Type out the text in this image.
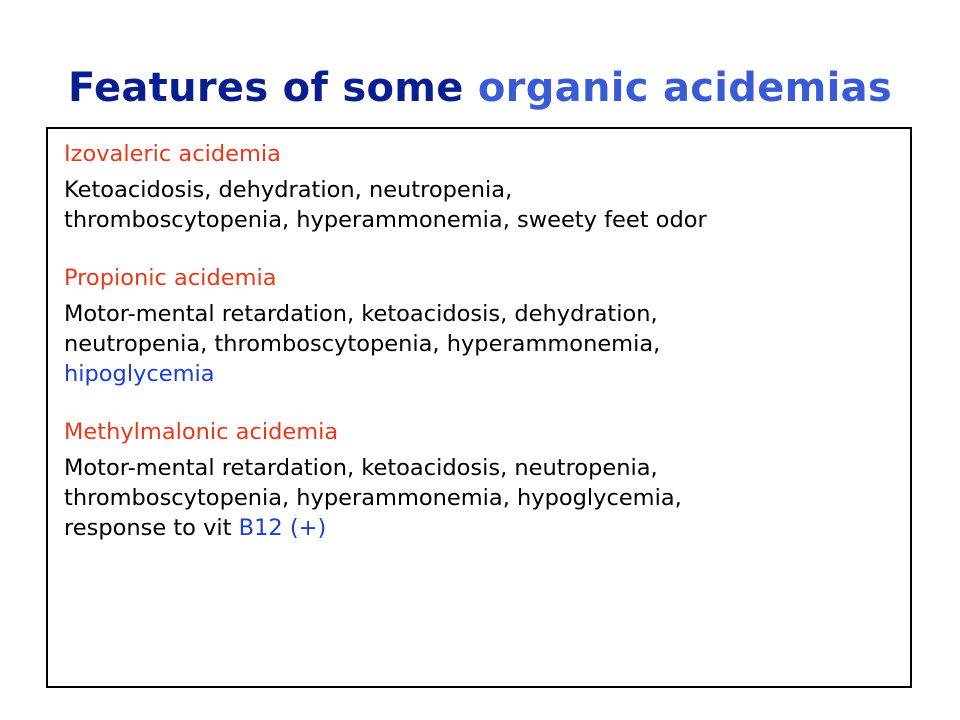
Features of some organic acidemias
Izovaleric acidemia
Ketoacidosis, dehydration, neutropenia,
thromboscytopenia, hyperammonemia, sweety feet odor
Propionic acidemia
Motor-mental retardation, ketoacidosis, dehydration,
neutropenia, thromboscytopenia, hyperammonemia,
hipoglycemia
Methylmalonic acidemia
Motor-mental retardation, ketoacidosis, neutropenia,
thromboscytopenia, hyperammonemia, hypoglycemia,
response to vit B12 (+)
